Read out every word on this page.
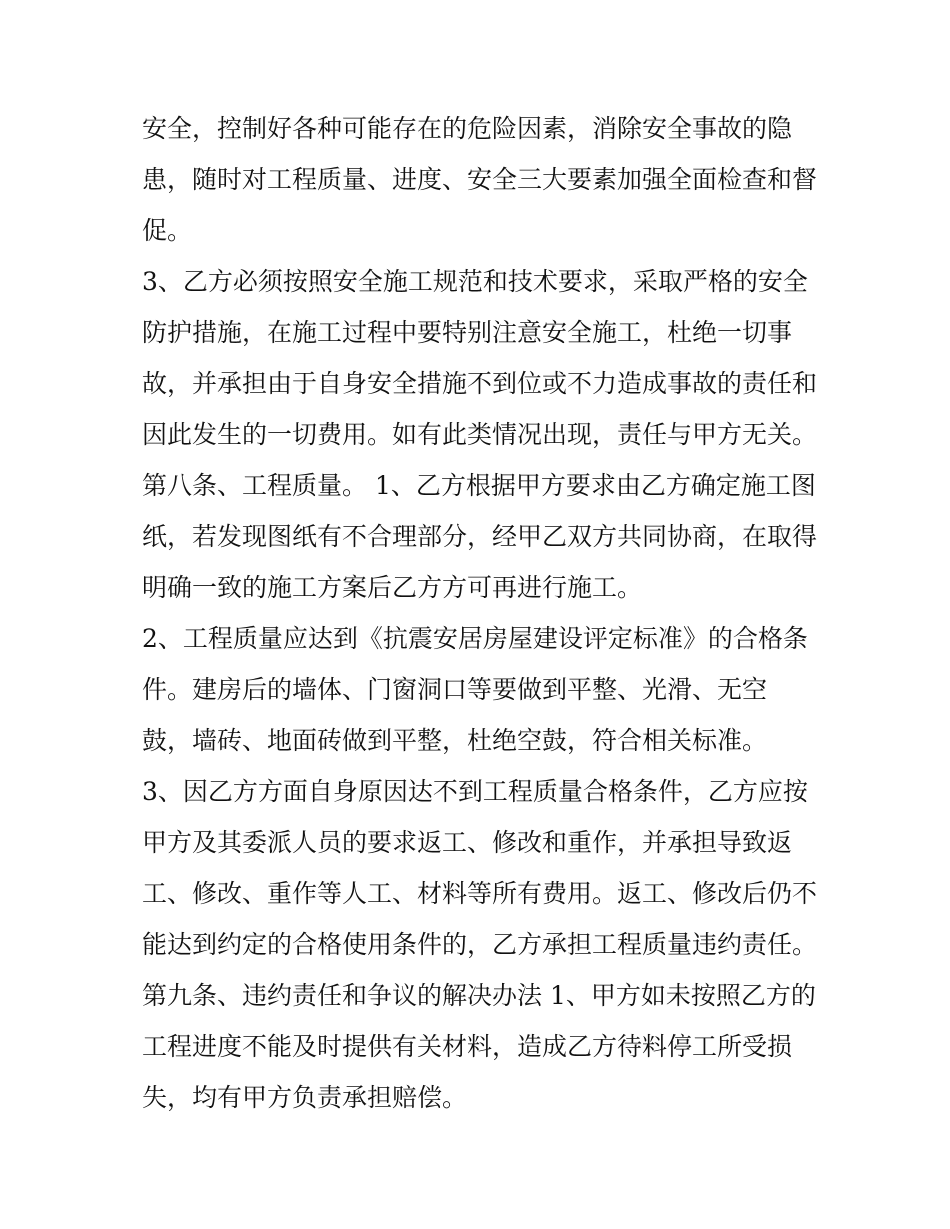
安全，控制好各种可能存在的危险因素，消除安全事故的隐
患，随时对工程质量、进度、安全三大要素加强全面检查和督
促。
3、乙方必须按照安全施工规范和技术要求，采取严格的安全
防护措施，在施工过程中要特别注意安全施工，杜绝一切事
故，并承担由于自身安全措施不到位或不力造成事故的责任和
因此发生的一切费用。如有此类情况出现，责任与甲方无关。
第八条、工程质量。 1、乙方根据甲方要求由乙方确定施工图
纸，若发现图纸有不合理部分，经甲乙双方共同协商，在取得
明确一致的施工方案后乙方方可再进行施工。
2、工程质量应达到《抗震安居房屋建设评定标准》的合格条
件。建房后的墙体、门窗洞口等要做到平整、光滑、无空
鼓，墙砖、地面砖做到平整，杜绝空鼓，符合相关标准。
3、因乙方方面自身原因达不到工程质量合格条件，乙方应按
甲方及其委派人员的要求返工、修改和重作，并承担导致返
工、修改、重作等人工、材料等所有费用。返工、修改后仍不
能达到约定的合格使用条件的，乙方承担工程质量违约责任。
第九条、违约责任和争议的解决办法 1、甲方如未按照乙方的
工程进度不能及时提供有关材料，造成乙方待料停工所受损
失，均有甲方负责承担赔偿。
